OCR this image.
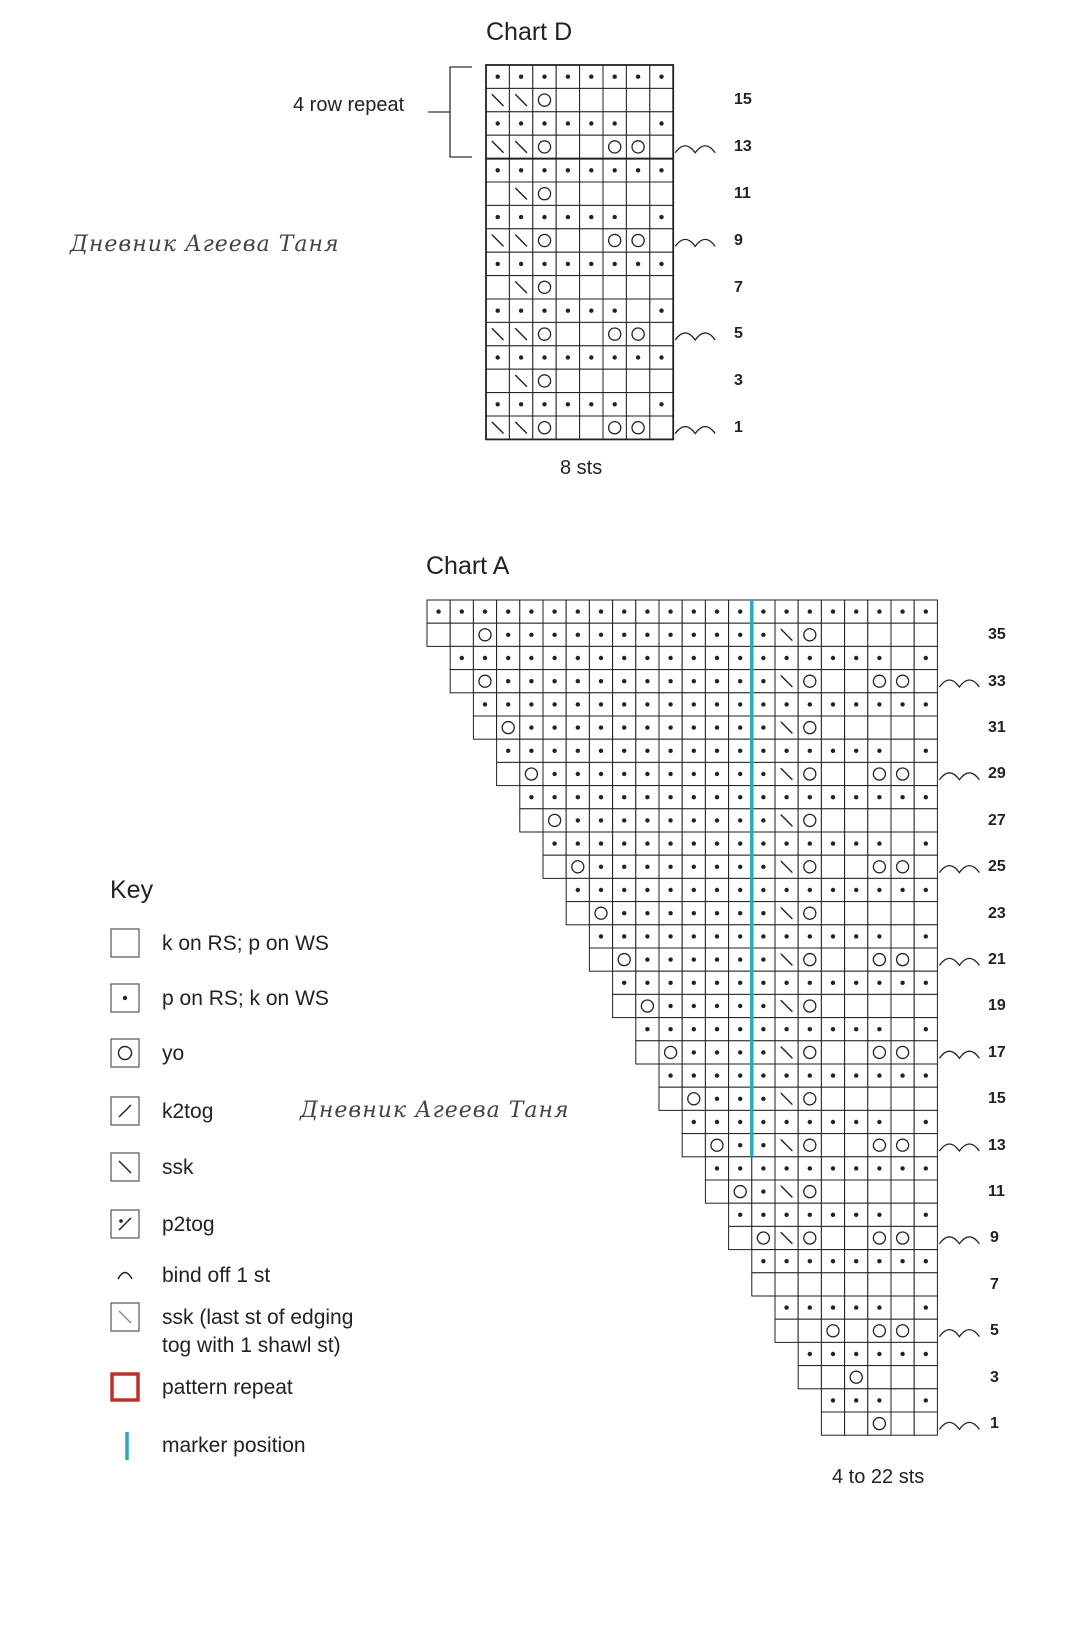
Chart D
4 row repeat	15
13
11
9
7
5
3
1
8 sts
Дневник Агеева Таня
Chart A
35
33
31
29
27
25
23
21
19
17
15
13
11
9
7
5
3
1
4 to 22 sts
Дневник Агеева Таня
Key
k on RS; p on WS
p on RS; k on WS
yo
k2tog
ssk
p2tog
bind off 1 st
ssk (last st of edging
tog with 1 shawl st)
pattern repeat
marker position
